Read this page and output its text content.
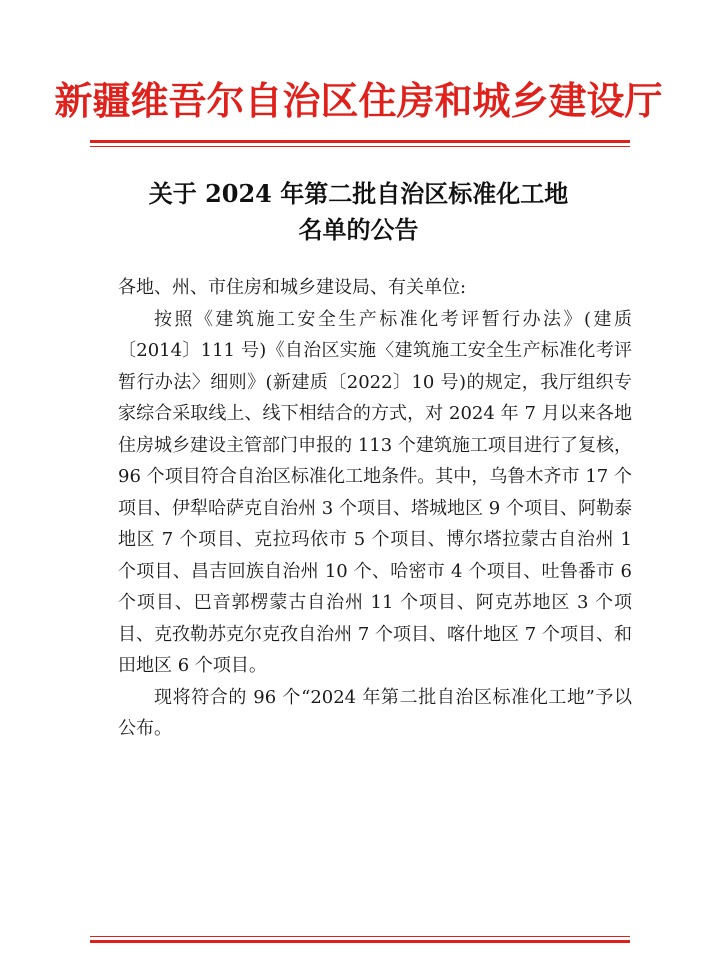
新疆维吾尔自治区住房和城乡建设厅
关于 2024 年第二批自治区标准化工地
名单的公告

各地、州、市住房和城乡建设局、有关单位:

按照《建筑施工安全生产标准化考评暂行办法》(建质〔2014〕111 号)《自治区实施〈建筑施工安全生产标准化考评暂行办法〉细则》(新建质〔2022〕10 号)的规定，我厅组织专家综合采取线上、线下相结合的方式，对 2024 年 7 月以来各地住房城乡建设主管部门申报的 113 个建筑施工项目进行了复核，96 个项目符合自治区标准化工地条件。其中，乌鲁木齐市 17 个项目、伊犁哈萨克自治州 3 个项目、塔城地区 9 个项目、阿勒泰地区 7 个项目、克拉玛依市 5 个项目、博尔塔拉蒙古自治州 1 个项目、昌吉回族自治州 10 个、哈密市 4 个项目、吐鲁番市 6 个项目、巴音郭楞蒙古自治州 11 个项目、阿克苏地区 3 个项目、克孜勒苏克尔克孜自治州 7 个项目、喀什地区 7 个项目、和田地区 6 个项目。

现将符合的 96 个“2024 年第二批自治区标准化工地”予以公布。
